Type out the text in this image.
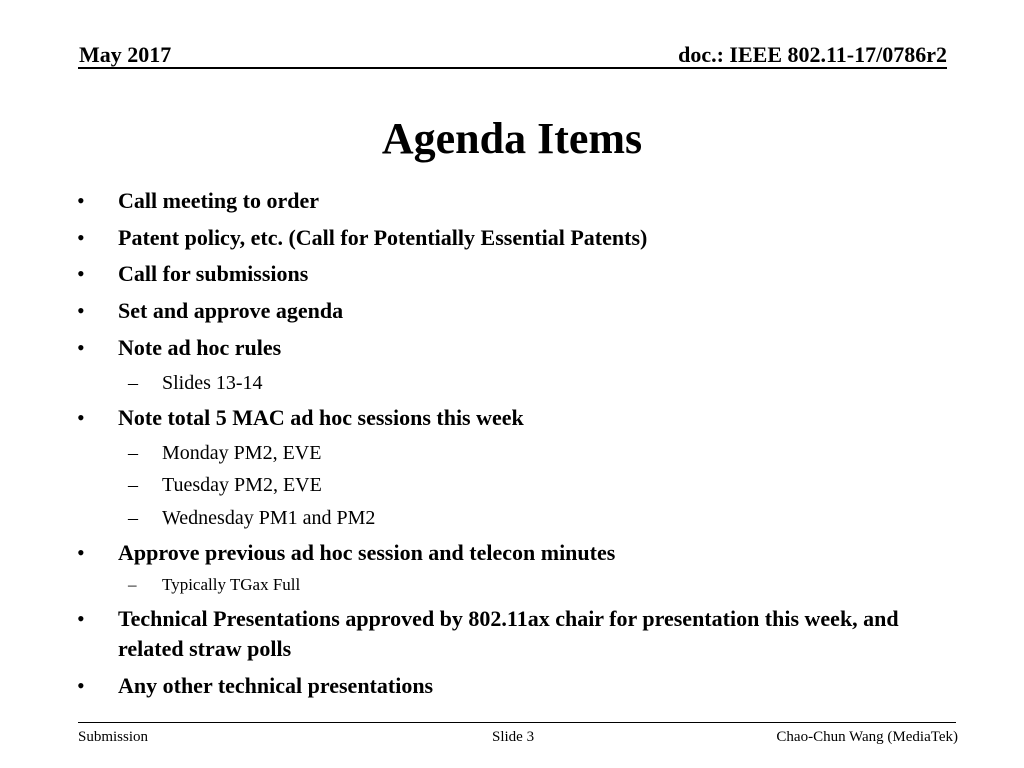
May 2017	doc.: IEEE 802.11-17/0786r2
Agenda Items
• Call meeting to order
• Patent policy, etc. (Call for Potentially Essential Patents)
• Call for submissions
• Set and approve agenda
• Note ad hoc rules
– Slides 13-14
• Note total 5 MAC ad hoc sessions this week
– Monday PM2, EVE
– Tuesday PM2, EVE
– Wednesday PM1 and PM2
• Approve previous ad hoc session and telecon minutes
– Typically TGax Full
• Technical Presentations approved by 802.11ax chair for presentation this week, and related straw polls
• Any other technical presentations
Submission	Slide 3	Chao-Chun Wang (MediaTek)
